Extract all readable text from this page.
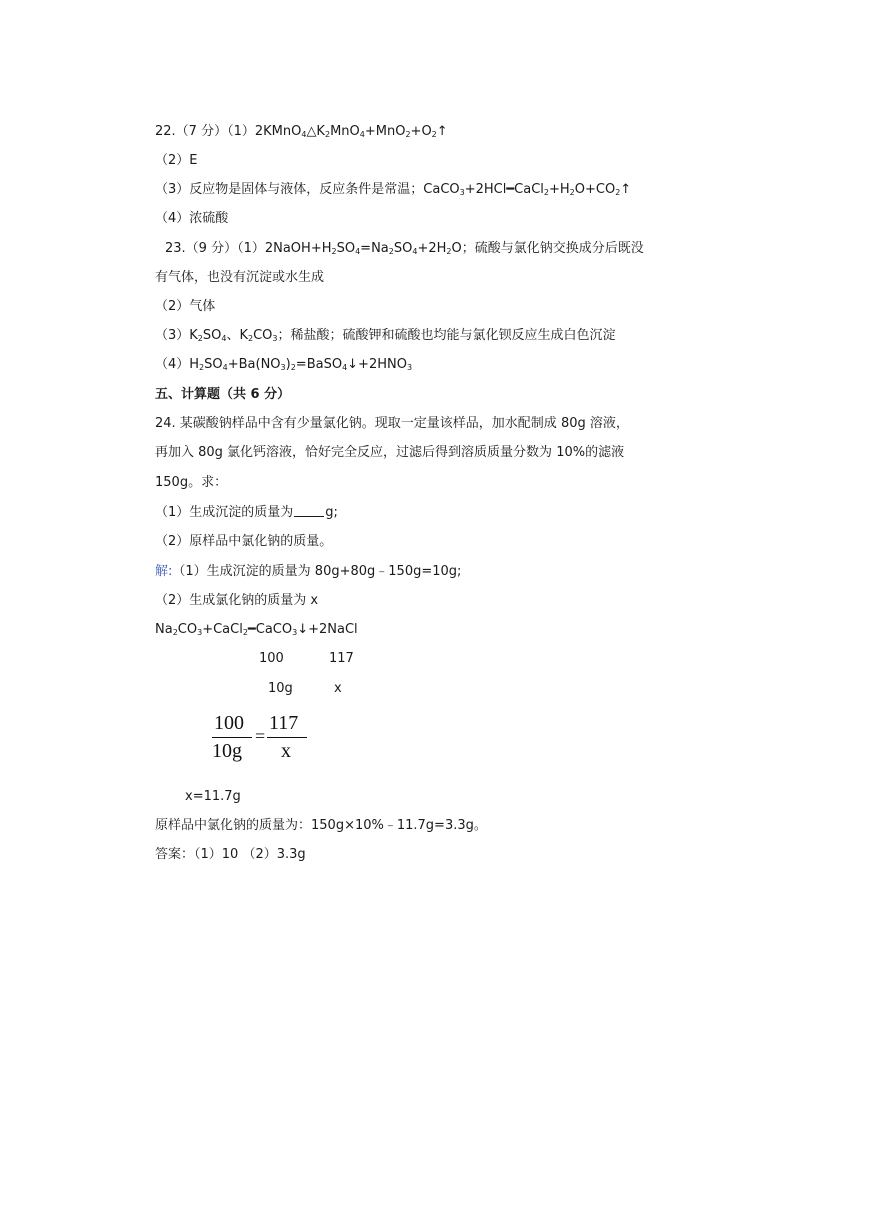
22.（7 分）$(1)2KMnO_4\triangle K_2MnO_4+MnO_2+O_2↑$
（2）E
（3）反应物是固体与液体，反应条件是常温；$CaCO_3+2HCl━CaCl_2+H_2O+CO_2↑$
（4）浓硫酸
23.（9 分）$(1)2NaOH+H_2SO_4=Na_2SO_4+2H_2O$；硫酸与氯化钠交换成分后既没
有气体，也没有沉淀或水生成
（2）气体
$(3)K_2SO_4$、$K_2CO_3$；稀盐酸；硫酸钾和硫酸也均能与氯化钡反应生成白色沉淀
$(4)H_2SO_4+Ba(NO_3)_2=BaSO_4↓+2HNO_3$
五、计算题（共 6 分）
24. 某碳酸钠样品中含有少量氯化钠。现取一定量该样品，加水配制成 80g 溶液，
再加入 80g 氯化钙溶液，恰好完全反应，过滤后得到溶质质量分数为 10%的滤液
150g。求：
（1）生成沉淀的质量为 g;
（2）原样品中氯化钠的质量。
解:（1）生成沉淀的质量为 80g+80g﹣150g=10g;
（2）生成氯化钠的质量为 x
$Na_2CO_3+CaCl_2━CaCO_3↓+2NaCl$
100	117
10g	x
100
10g
=
117
x
x=11.7g
原样品中氯化钠的质量为：150g×10%﹣11.7g=3.3g。
答案：（1）10 （2）3.3g
